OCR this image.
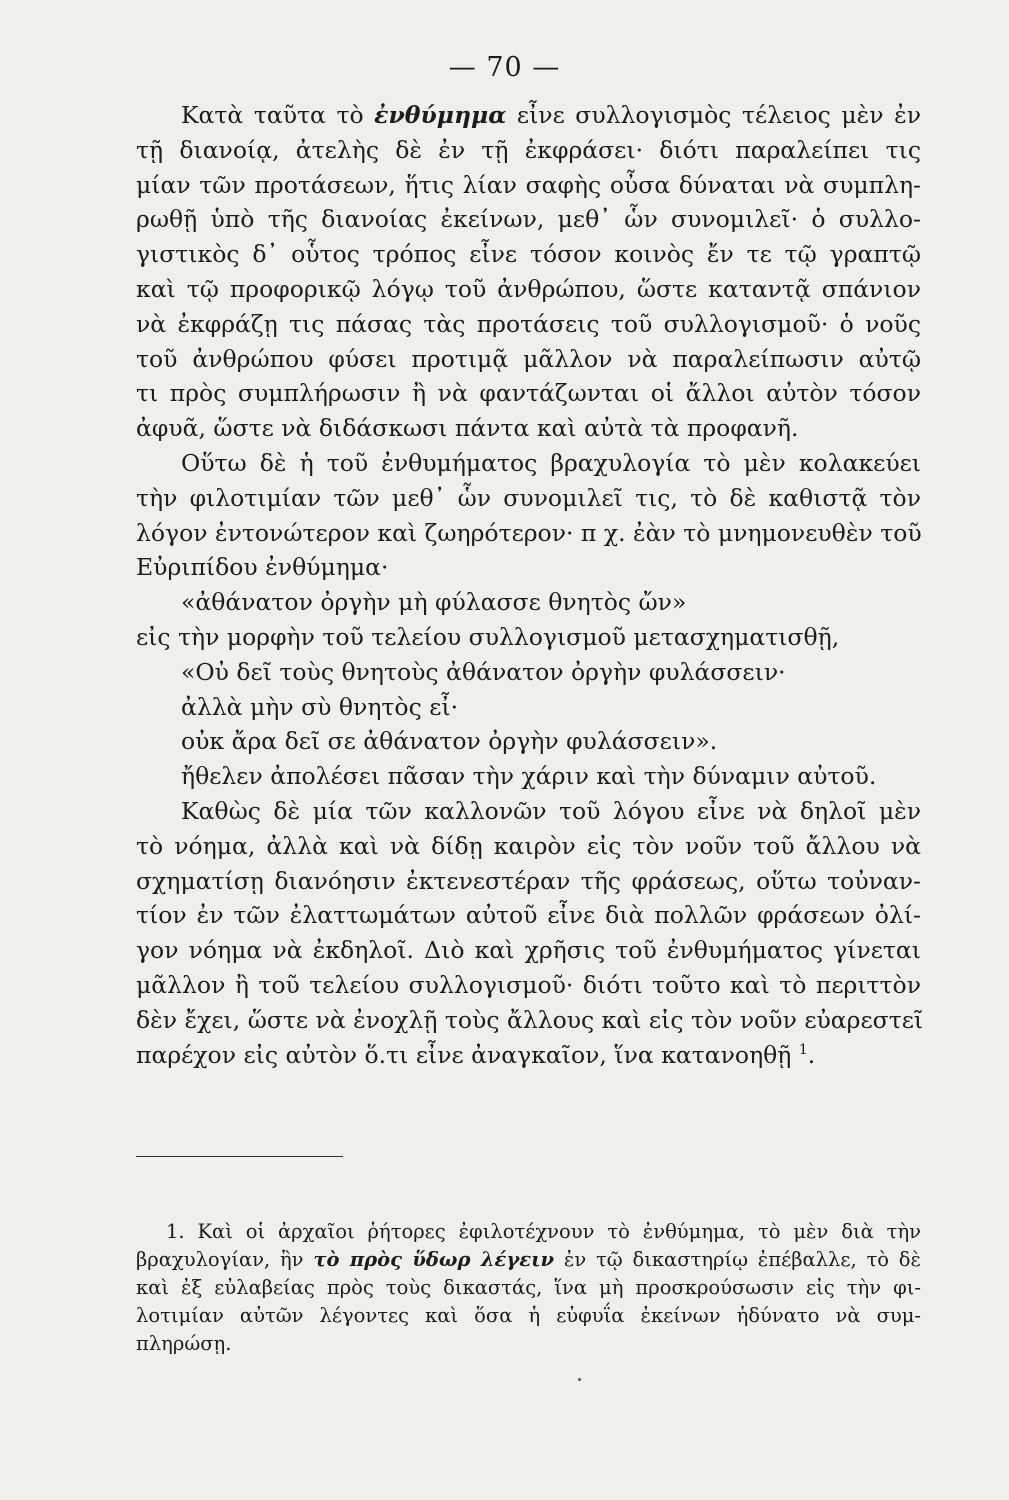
— 70 —
Κατὰ ταῦτα τὸ ἐνθύμημα εἶνε συλλογισμὸς τέλειος μὲν ἐν
τῇ διανοίᾳ, ἀτελὴς δὲ ἐν τῇ ἐκφράσει· διότι παραλείπει τις
μίαν τῶν προτάσεων, ἥτις λίαν σαφὴς οὖσα δύναται νὰ συμπλη-
ρωθῇ ὑπὸ τῆς διανοίας ἐκείνων, μεθ᾽ ὧν συνομιλεῖ· ὁ συλλο-
γιστικὸς δ᾽ οὗτος τρόπος εἶνε τόσον κοινὸς ἔν τε τῷ γραπτῷ
καὶ τῷ προφορικῷ λόγῳ τοῦ ἀνθρώπου, ὥστε καταντᾷ σπάνιον
νὰ ἐκφράζῃ τις πάσας τὰς προτάσεις τοῦ συλλογισμοῦ· ὁ νοῦς
τοῦ ἀνθρώπου φύσει προτιμᾷ μᾶλλον νὰ παραλείπωσιν αὐτῷ
τι πρὸς συμπλήρωσιν ἢ νὰ φαντάζωνται οἱ ἄλλοι αὐτὸν τόσον
ἀφυᾶ, ὥστε νὰ διδάσκωσι πάντα καὶ αὐτὰ τὰ προφανῆ.
Οὕτω δὲ ἡ τοῦ ἐνθυμήματος βραχυλογία τὸ μὲν κολακεύει
τὴν φιλοτιμίαν τῶν μεθ᾽ ὧν συνομιλεῖ τις, τὸ δὲ καθιστᾷ τὸν
λόγον ἐντονώτερον καὶ ζωηρότερον· π χ. ἐὰν τὸ μνημονευθὲν τοῦ
Εὐριπίδου ἐνθύμημα·
«ἀθάνατον ὀργὴν μὴ φύλασσε θνητὸς ὤν»
εἰς τὴν μορφὴν τοῦ τελείου συλλογισμοῦ μετασχηματισθῇ,
«Οὐ δεῖ τοὺς θνητοὺς ἀθάνατον ὀργὴν φυλάσσειν·
ἀλλὰ μὴν σὺ θνητὸς εἶ·
οὐκ ἄρα δεῖ σε ἀθάνατον ὀργὴν φυλάσσειν».
ἤθελεν ἀπολέσει πᾶσαν τὴν χάριν καὶ τὴν δύναμιν αὐτοῦ.
Καθὼς δὲ μία τῶν καλλονῶν τοῦ λόγου εἶνε νὰ δηλοῖ μὲν
τὸ νόημα, ἀλλὰ καὶ νὰ δίδῃ καιρὸν εἰς τὸν νοῦν τοῦ ἄλλου νὰ
σχηματίσῃ διανόησιν ἐκτενεστέραν τῆς φράσεως, οὕτω τοὐναν-
τίον ἐν τῶν ἐλαττωμάτων αὐτοῦ εἶνε διὰ πολλῶν φράσεων ὀλί-
γον νόημα νὰ ἐκδηλοῖ. Διὸ καὶ χρῆσις τοῦ ἐνθυμήματος γίνεται
μᾶλλον ἢ τοῦ τελείου συλλογισμοῦ· διότι τοῦτο καὶ τὸ περιττὸν
δὲν ἔχει, ὥστε νὰ ἐνοχλῇ τοὺς ἄλλους καὶ εἰς τὸν νοῦν εὐαρεστεῖ
παρέχον εἰς αὐτὸν ὅ.τι εἶνε ἀναγκαῖον, ἵνα κατανοηθῇ $^1$.
1. Καὶ οἱ ἀρχαῖοι ῥήτορες ἐφιλοτέχνουν τὸ ἐνθύμημα, τὸ μὲν διὰ τὴν
βραχυλογίαν, ἣν τὸ πρὸς ὕδωρ λέγειν ἐν τῷ δικαστηρίῳ ἐπέβαλλε, τὸ δὲ
καὶ ἐξ εὐλαβείας πρὸς τοὺς δικαστάς, ἵνα μὴ προσκρούσωσιν εἰς τὴν φι-
λοτιμίαν αὐτῶν λέγοντες καὶ ὅσα ἡ εὐφυΐα ἐκείνων ἠδύνατο νὰ συμ-
πληρώσῃ.
